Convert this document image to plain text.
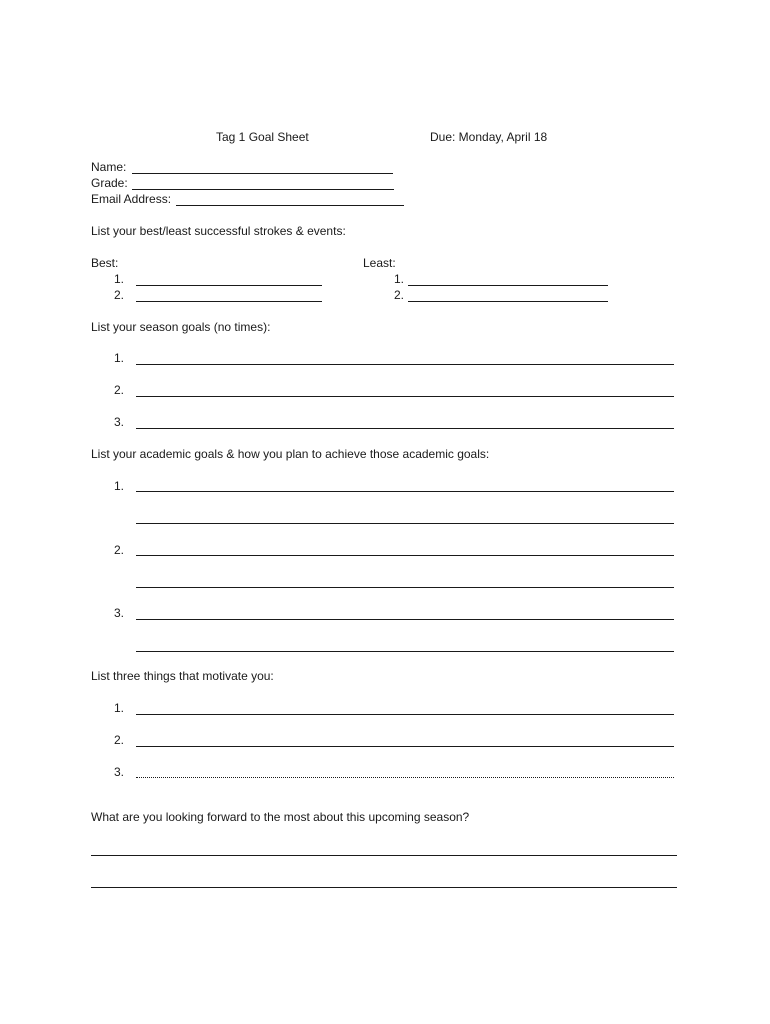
Tag 1 Goal Sheet	Due: Monday, April 18
Name:
Grade:
Email Address:
List your best/least successful strokes & events:
Best:
1.
2.
Least:
1.
2.
List your season goals (no times):
1.
2.
3.
List your academic goals & how you plan to achieve those academic goals:
1.
2.
3.
List three things that motivate you:
1.
2.
3.
What are you looking forward to the most about this upcoming season?
